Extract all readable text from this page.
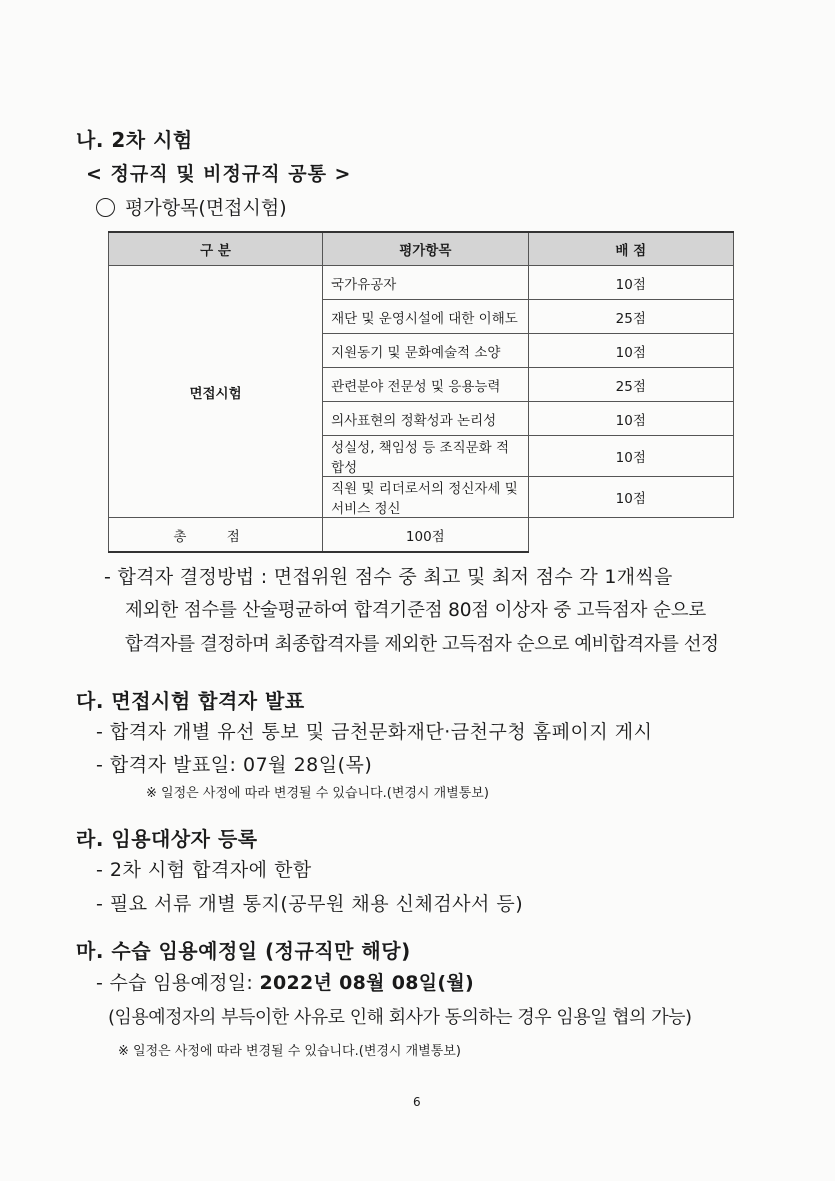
나. 2차 시험
< 정규직 및 비정규직 공통 >
평가항목(면접시험)
구 분	평가항목	배 점
면접시험	국가유공자	10점
	재단 및 운영시설에 대한 이해도	25점
	지원동기 및 문화예술적 소양	10점
	관련분야 전문성 및 응용능력	25점
	의사표현의 정확성과 논리성	10점
	성실성, 책임성 등 조직문화 적합성	10점
	직원 및 리더로서의 정신자세 및 서비스 정신	10점
총 점	100점	
- 합격자 결정방법 : 면접위원 점수 중 최고 및 최저 점수 각 1개씩을
제외한 점수를 산술평균하여 합격기준점 80점 이상자 중 고득점자 순으로
합격자를 결정하며 최종합격자를 제외한 고득점자 순으로 예비합격자를 선정
다. 면접시험 합격자 발표
- 합격자 개별 유선 통보 및 금천문화재단·금천구청 홈페이지 게시
- 합격자 발표일: 07월 28일(목)
※ 일정은 사정에 따라 변경될 수 있습니다.(변경시 개별통보)
라. 임용대상자 등록
- 2차 시험 합격자에 한함
- 필요 서류 개별 통지(공무원 채용 신체검사서 등)
마. 수습 임용예정일 (정규직만 해당)
- 수습 임용예정일: 2022년 08월 08일(월)
(임용예정자의 부득이한 사유로 인해 회사가 동의하는 경우 임용일 협의 가능)
※ 일정은 사정에 따라 변경될 수 있습니다.(변경시 개별통보)
6
